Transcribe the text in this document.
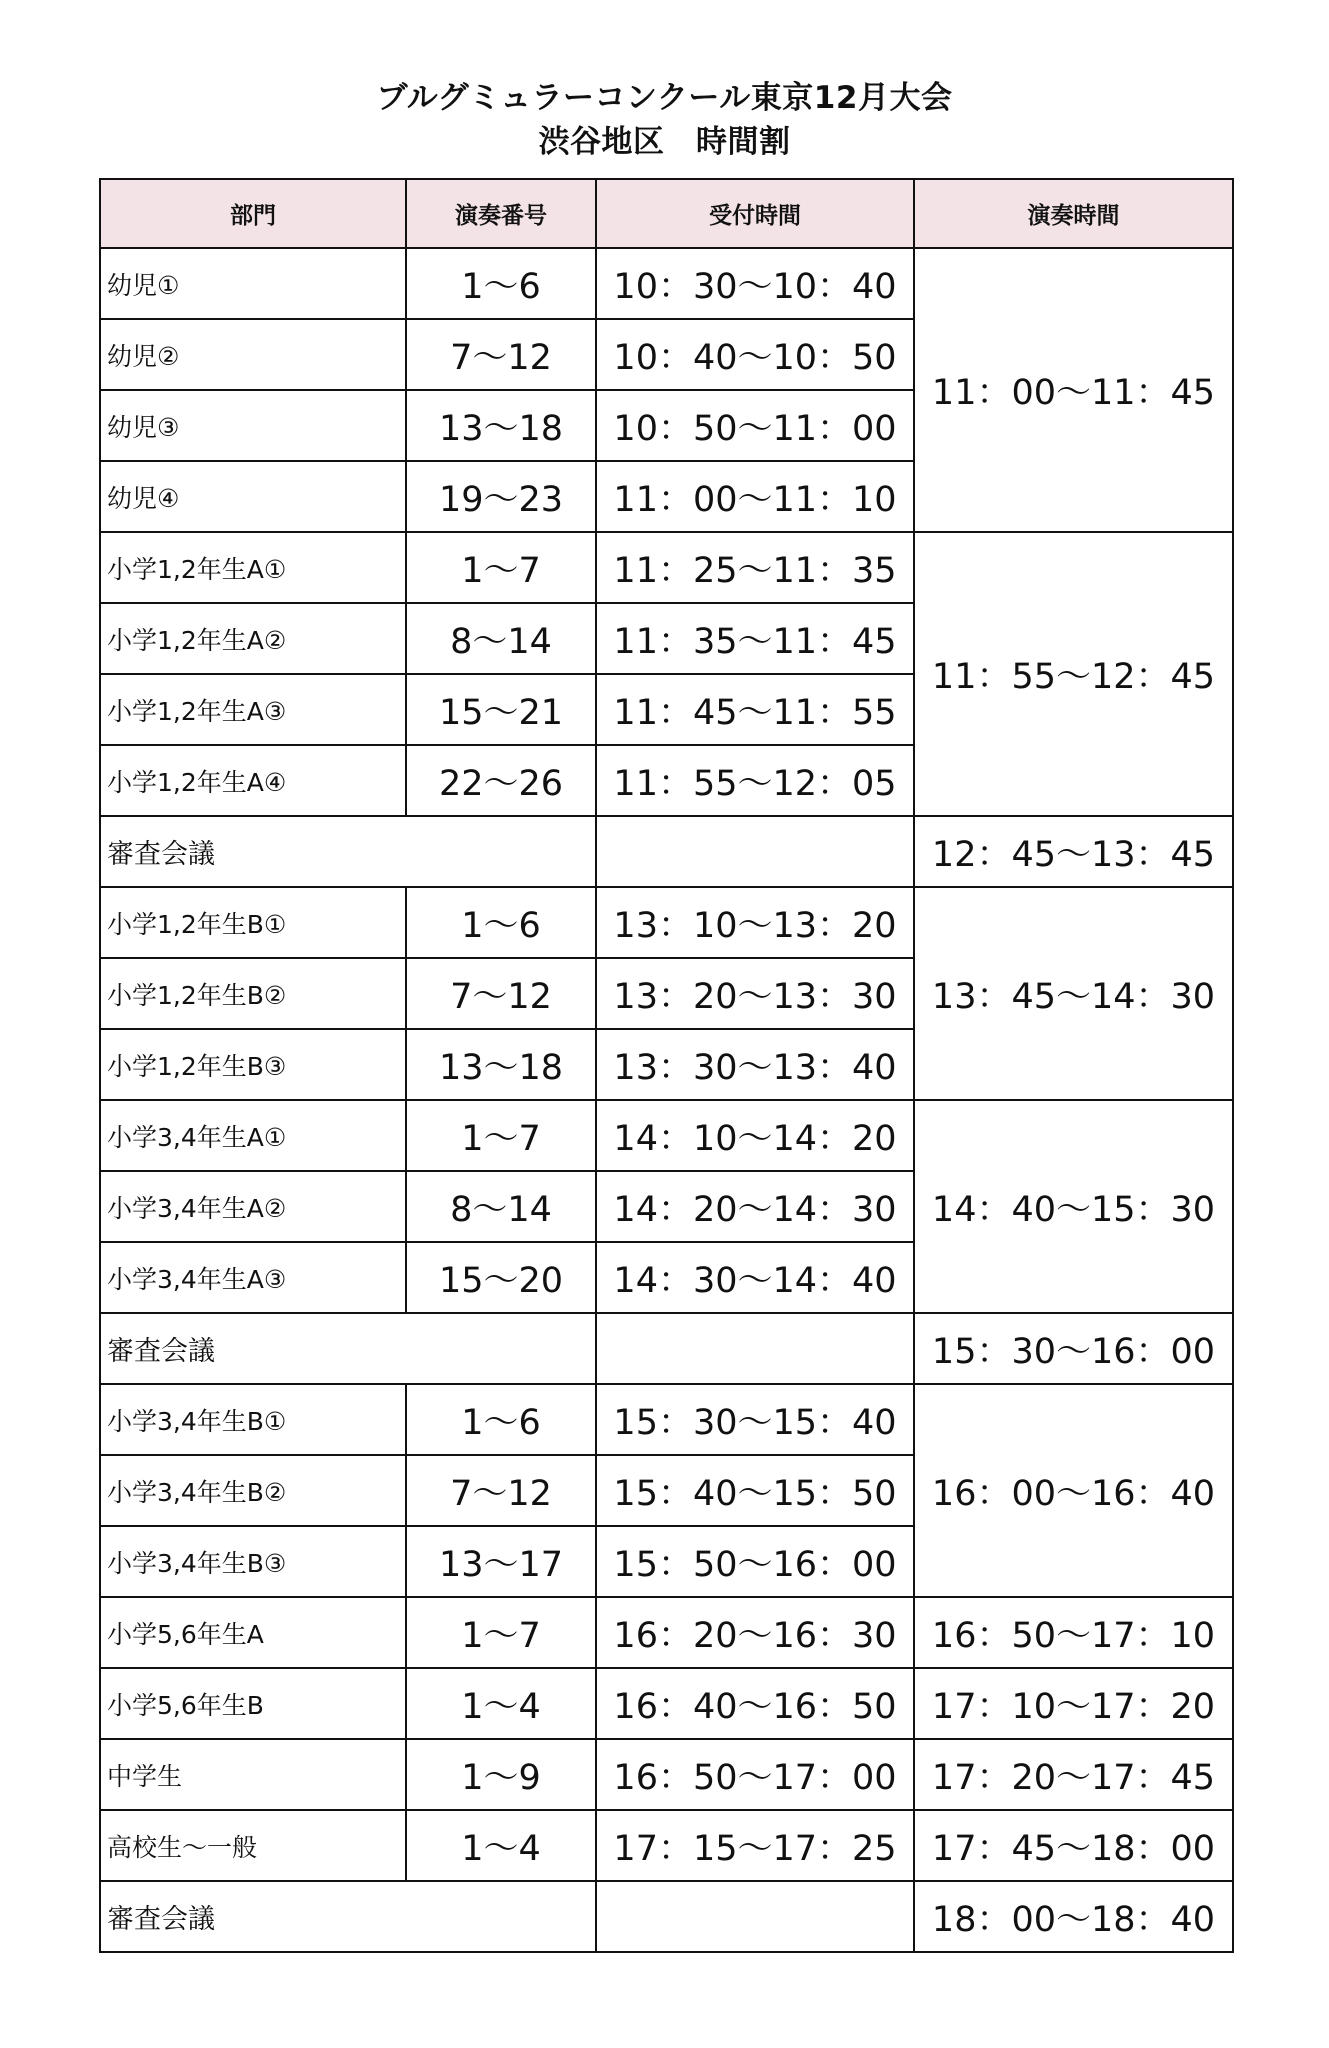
ブルグミュラーコンクール東京12月大会
渋谷地区　時間割
部門	演奏番号	受付時間	演奏時間
幼児①	1〜6	10：30〜10：40	11：00〜11：45
幼児②	7〜12	10：40〜10：50	
幼児③	13〜18	10：50〜11：00	
幼児④	19〜23	11：00〜11：10	
小学1,2年生A①	1〜7	11：25〜11：35	11：55〜12：45
小学1,2年生A②	8〜14	11：35〜11：45	
小学1,2年生A③	15〜21	11：45〜11：55	
小学1,2年生A④	22〜26	11：55〜12：05	
審査会議			12：45〜13：45
小学1,2年生B①	1〜6	13：10〜13：20	13：45〜14：30
小学1,2年生B②	7〜12	13：20〜13：30	
小学1,2年生B③	13〜18	13：30〜13：40	
小学3,4年生A①	1〜7	14：10〜14：20	14：40〜15：30
小学3,4年生A②	8〜14	14：20〜14：30	
小学3,4年生A③	15〜20	14：30〜14：40	
審査会議			15：30〜16：00
小学3,4年生B①	1〜6	15：30〜15：40	16：00〜16：40
小学3,4年生B②	7〜12	15：40〜15：50	
小学3,4年生B③	13〜17	15：50〜16：00	
小学5,6年生A	1〜7	16：20〜16：30	16：50〜17：10
小学5,6年生B	1〜4	16：40〜16：50	17：10〜17：20
中学生	1〜9	16：50〜17：00	17：20〜17：45
高校生〜一般	1〜4	17：15〜17：25	17：45〜18：00
審査会議			18：00〜18：40
